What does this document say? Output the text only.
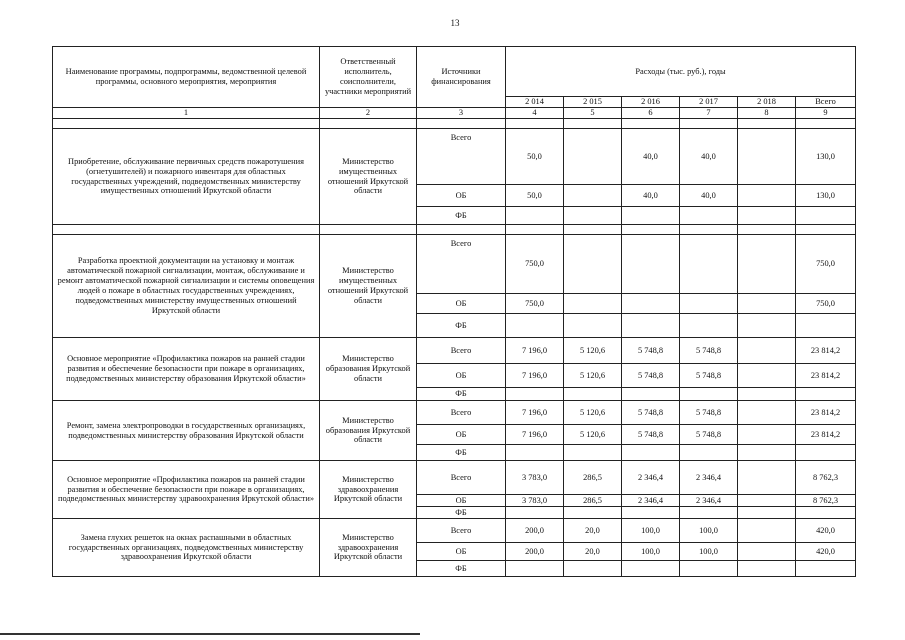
13
Наименование программы, подпрограммы, ведомственной целевой программы, основного мероприятия, мероприятия	Ответственный исполнитель, соисполнители, участники мероприятий	Источники финансирования	Расходы (тыс. руб.), годы					
			2 014	2 015	2 016	2 017	2 018	Всего
1	2	3	4	5	6	7	8	9

Приобретение, обслуживание первичных средств пожаротушения (огнетушителей) и пожарного инвентаря для областных государственных учреждений, подведомственных министерству имущественных отношений Иркутской области	Министерство имущественных отношений Иркутской области	Всего	50,0		40,0	40,0		130,0
		ОБ	50,0		40,0	40,0		130,0
		ФБ						

Разработка проектной документации на установку и монтаж автоматической пожарной сигнализации, монтаж, обслуживание и ремонт автоматической пожарной сигнализации и системы оповещения людей о пожаре в областных государственных учреждениях, подведомственных министерству имущественных отношений Иркутской области	Министерство имущественных отношений Иркутской области	Всего	750,0					750,0
		ОБ	750,0					750,0
		ФБ						
Основное мероприятие «Профилактика пожаров на ранней стадии развития и обеспечение безопасности при пожаре в организациях, подведомственных министерству образования Иркутской области»	Министерство образования Иркутской области	Всего	7 196,0	5 120,6	5 748,8	5 748,8		23 814,2
		ОБ	7 196,0	5 120,6	5 748,8	5 748,8		23 814,2
		ФБ						
Ремонт, замена электропроводки в государственных организациях, подведомственных министерству образования Иркутской области	Министерство образования Иркутской области	Всего	7 196,0	5 120,6	5 748,8	5 748,8		23 814,2
		ОБ	7 196,0	5 120,6	5 748,8	5 748,8		23 814,2
		ФБ						
Основное мероприятие «Профилактика пожаров на ранней стадии развития и обеспечение безопасности при пожаре в организациях, подведомственных министерству здравоохранения Иркутской области»	Министерство здравоохранения Иркутской области	Всего	3 783,0	286,5	2 346,4	2 346,4		8 762,3
		ОБ	3 783,0	286,5	2 346,4	2 346,4		8 762,3
		ФБ						
Замена глухих решеток на окнах распашными в областных государственных организациях, подведомственных министерству здравоохранения Иркутской области	Министерство здравоохранения Иркутской области	Всего	200,0	20,0	100,0	100,0		420,0
		ОБ	200,0	20,0	100,0	100,0		420,0
		ФБ						
